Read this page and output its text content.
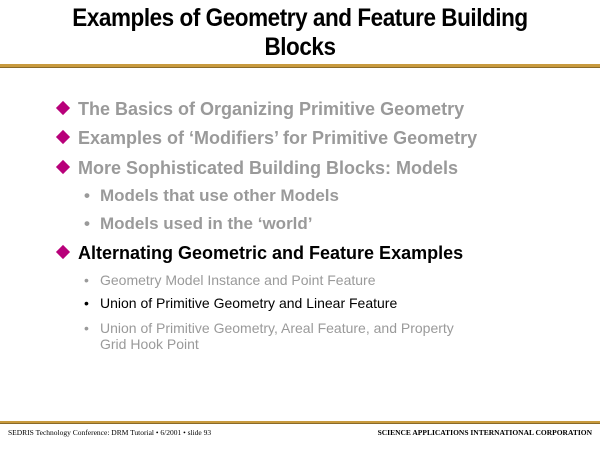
Examples of Geometry and Feature Building
Blocks
The Basics of Organizing Primitive Geometry
Examples of ‘Modifiers’ for Primitive Geometry
More Sophisticated Building Blocks: Models
• Models that use other Models
• Models used in the ‘world’
Alternating Geometric and Feature Examples
• Geometry Model Instance and Point Feature
• Union of Primitive Geometry and Linear Feature
• Union of Primitive Geometry, Areal Feature, and Property
Grid Hook Point
SEDRIS Technology Conference: DRM Tutorial • 6/2001 • slide 93	SCIENCE APPLICATIONS INTERNATIONAL CORPORATION
